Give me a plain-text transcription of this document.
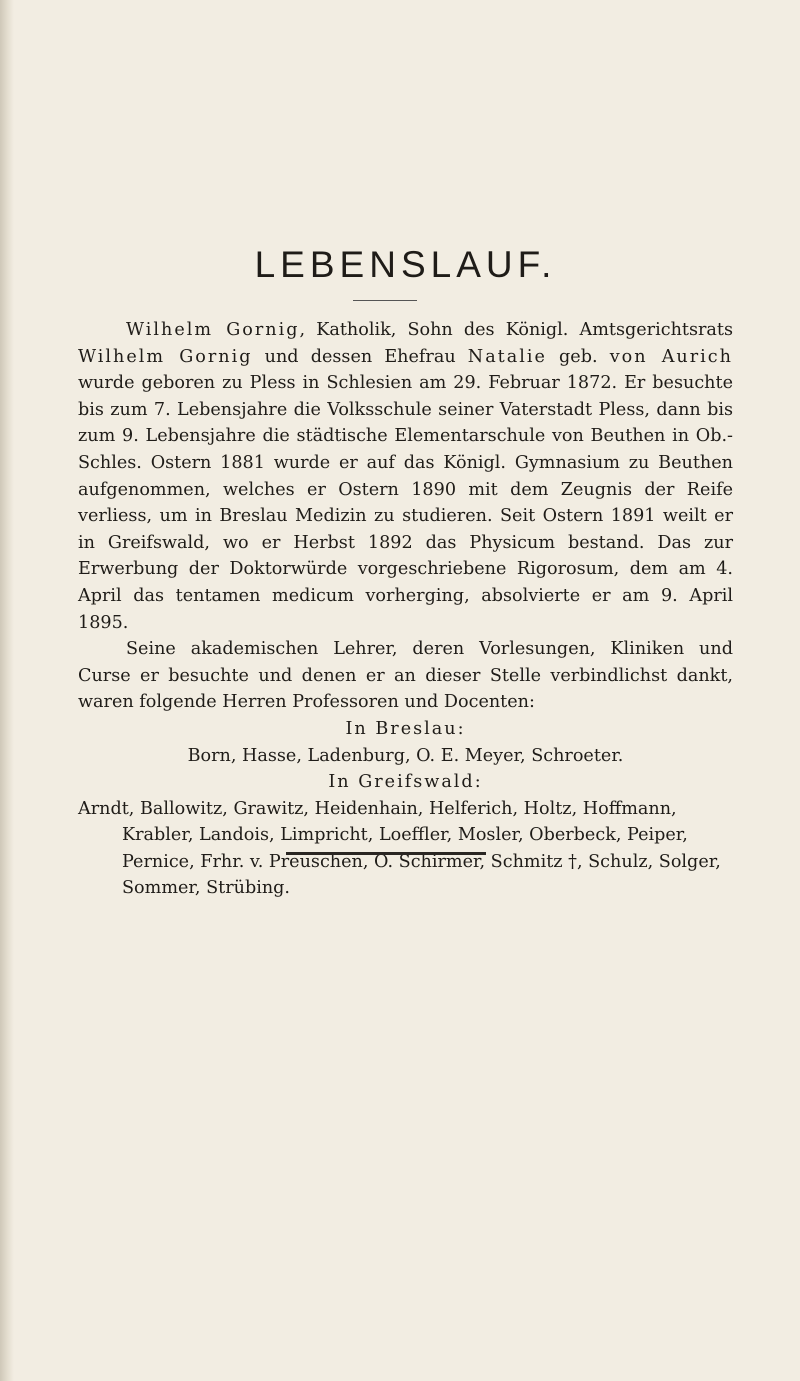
LEBENSLAUF.

Wilhelm Gornig, Katholik, Sohn des Königl. Amtsgerichtsrats Wilhelm Gornig und dessen Ehefrau Natalie geb. von Aurich wurde geboren zu Pless in Schlesien am 29. Februar 1872. Er besuchte bis zum 7. Lebensjahre die Volksschule seiner Vaterstadt Pless, dann bis zum 9. Lebensjahre die städtische Elementarschule von Beuthen in Ob.-Schles. Ostern 1881 wurde er auf das Königl. Gymnasium zu Beuthen aufgenommen, welches er Ostern 1890 mit dem Zeugnis der Reife verliess, um in Breslau Medizin zu studieren. Seit Ostern 1891 weilt er in Greifswald, wo er Herbst 1892 das Physicum bestand. Das zur Erwerbung der Doktorwürde vorgeschriebene Rigorosum, dem am 4. April das tentamen medicum vorherging, absolvierte er am 9. April 1895.

Seine akademischen Lehrer, deren Vorlesungen, Kliniken und Curse er besuchte und denen er an dieser Stelle verbindlichst dankt, waren folgende Herren Professoren und Docenten:

In Breslau:

Born, Hasse, Ladenburg, O. E. Meyer, Schroeter.

In Greifswald:

Arndt, Ballowitz, Grawitz, Heidenhain, Helferich, Holtz, Hoffmann, Krabler, Landois, Limpricht, Loeffler, Mosler, Oberbeck, Peiper, Pernice, Frhr. v. Preuschen, O. Schirmer, Schmitz †, Schulz, Solger, Sommer, Strübing.
